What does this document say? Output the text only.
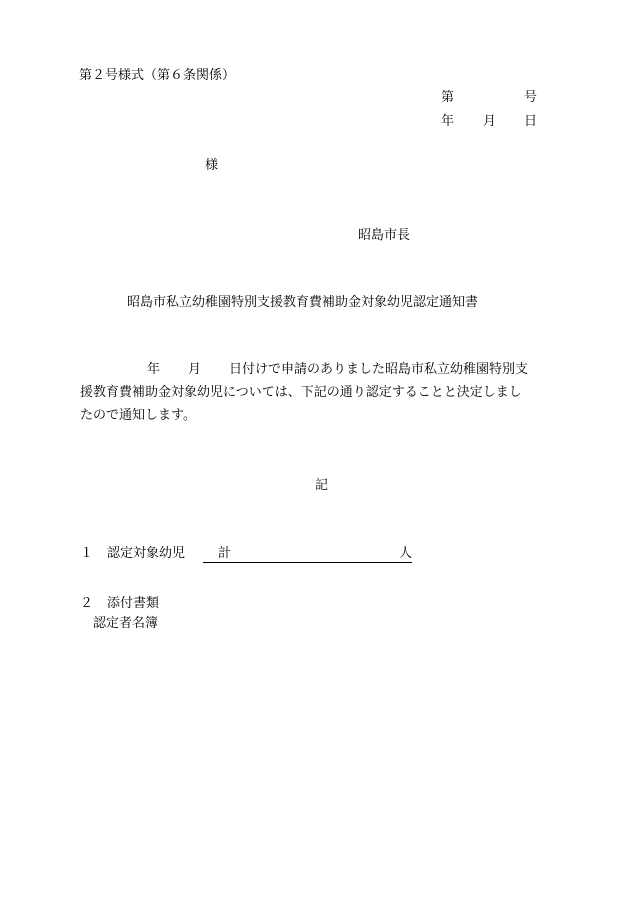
第２号様式（第６条関係）
第	号
年 月 日
様
昭島市長
昭島市私立幼稚園特別支援教育費補助金対象幼児認定通知書
年 月 日付けで申請のありました昭島市私立幼稚園特別支
援教育費補助金対象幼児については、下記の通り認定することと決定しまし
たので通知します。
記
１ 認定対象幼児	計	人
２ 添付書類
認定者名簿
